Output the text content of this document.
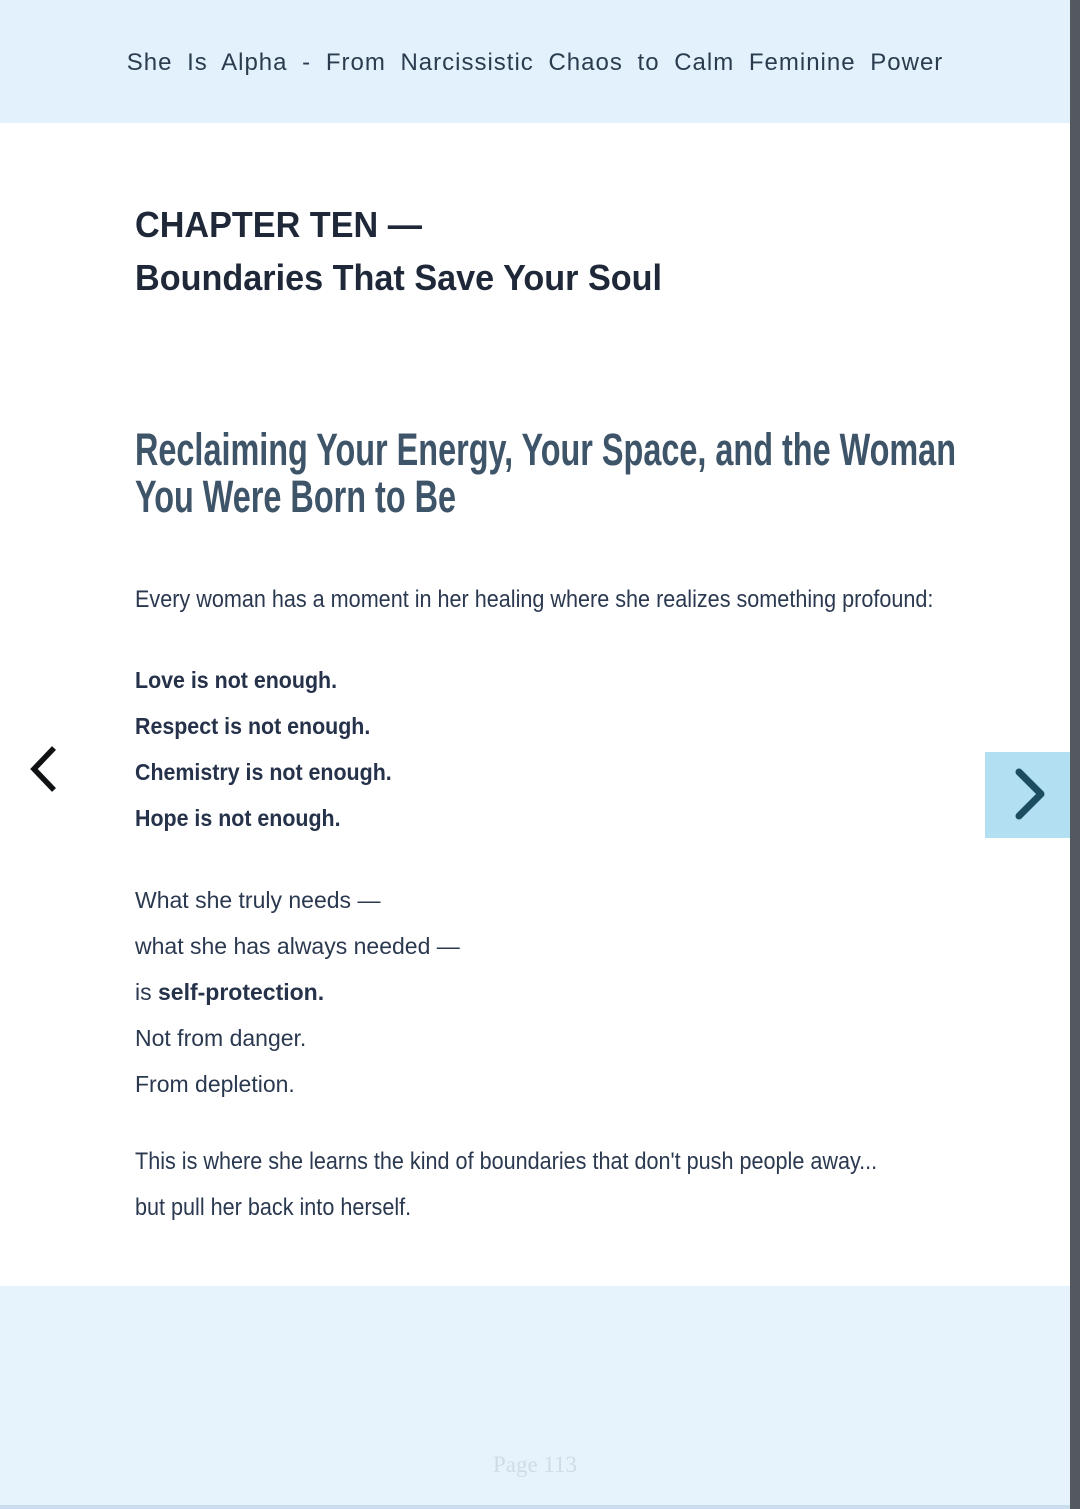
She Is Alpha - From Narcissistic Chaos to Calm Feminine Power
CHAPTER TEN —
Boundaries That Save Your Soul
Reclaiming Your Energy, Your Space, and the Woman
You Were Born to Be

Every woman has a moment in her healing where she realizes something profound:

Love is not enough.

Respect is not enough.

Chemistry is not enough.

Hope is not enough.

What she truly needs —

what she has always needed —

is self-protection.

Not from danger.

From depletion.

This is where she learns the kind of boundaries that don't push people away...

but pull her back into herself.

Page 113
